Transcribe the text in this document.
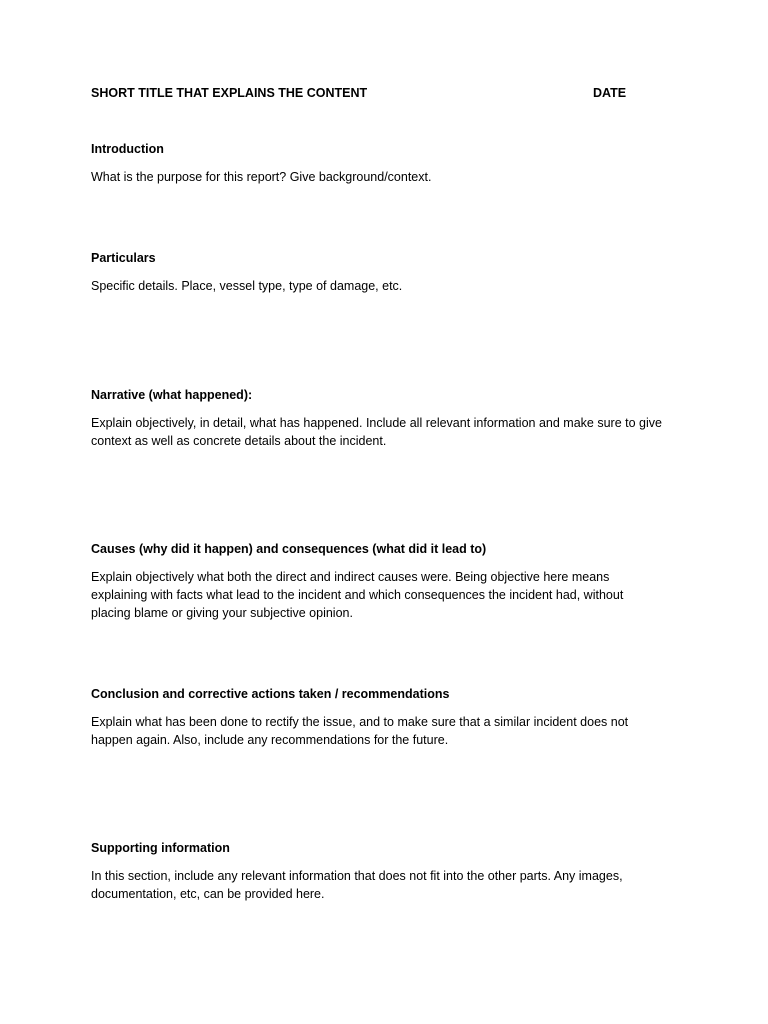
SHORT TITLE THAT EXPLAINS THE CONTENT	DATE

Introduction

What is the purpose for this report? Give background/context.

Particulars

Specific details. Place, vessel type, type of damage, etc.

Narrative (what happened):

Explain objectively, in detail, what has happened. Include all relevant information and make sure to give context as well as concrete details about the incident.

Causes (why did it happen) and consequences (what did it lead to)

Explain objectively what both the direct and indirect causes were. Being objective here means explaining with facts what lead to the incident and which consequences the incident had, without placing blame or giving your subjective opinion.

Conclusion and corrective actions taken / recommendations

Explain what has been done to rectify the issue, and to make sure that a similar incident does not happen again. Also, include any recommendations for the future.

Supporting information

In this section, include any relevant information that does not fit into the other parts. Any images, documentation, etc, can be provided here.
